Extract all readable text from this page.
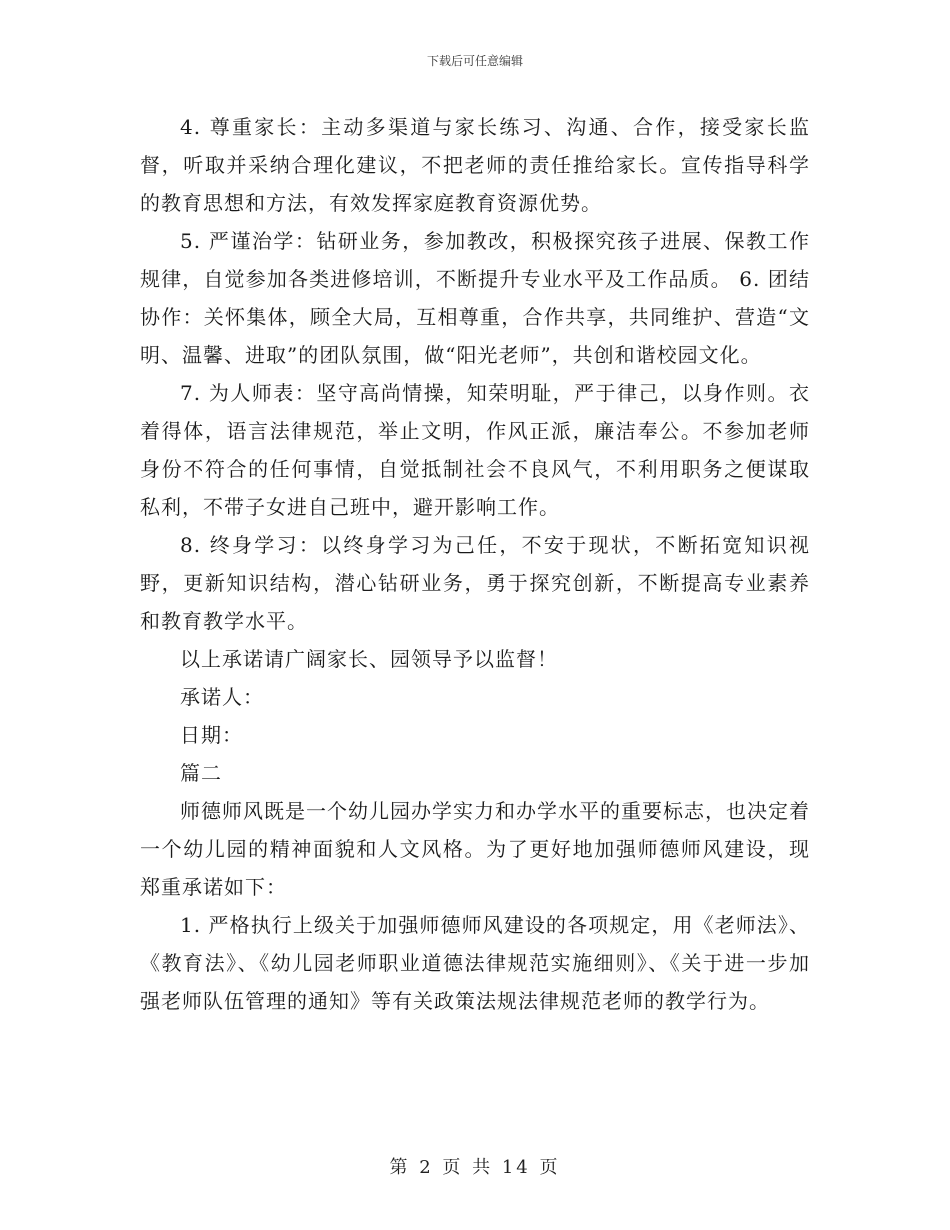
下载后可任意编辑

4. 尊重家长：主动多渠道与家长练习、沟通、合作，接受家长监督，听取并采纳合理化建议，不把老师的责任推给家长。宣传指导科学的教育思想和方法，有效发挥家庭教育资源优势。

5. 严谨治学：钻研业务，参加教改，积极探究孩子进展、保教工作规律，自觉参加各类进修培训，不断提升专业水平及工作品质。 6. 团结协作：关怀集体，顾全大局，互相尊重，合作共享，共同维护、营造“文明、温馨、进取”的团队氛围，做“阳光老师”，共创和谐校园文化。

7. 为人师表：坚守高尚情操，知荣明耻，严于律己，以身作则。衣着得体，语言法律规范，举止文明，作风正派，廉洁奉公。不参加老师身份不符合的任何事情，自觉抵制社会不良风气，不利用职务之便谋取私利，不带子女进自己班中，避开影响工作。

8. 终身学习：以终身学习为己任，不安于现状，不断拓宽知识视野，更新知识结构，潜心钻研业务，勇于探究创新，不断提高专业素养和教育教学水平。

以上承诺请广阔家长、园领导予以监督！

承诺人：

日期：

篇二

师德师风既是一个幼儿园办学实力和办学水平的重要标志，也决定着一个幼儿园的精神面貌和人文风格。为了更好地加强师德师风建设，现郑重承诺如下：

1. 严格执行上级关于加强师德师风建设的各项规定，用《老师法》、《教育法》、《幼儿园老师职业道德法律规范实施细则》、《关于进一步加强老师队伍管理的通知》等有关政策法规法律规范老师的教学行为。

第 2 页 共 14 页
